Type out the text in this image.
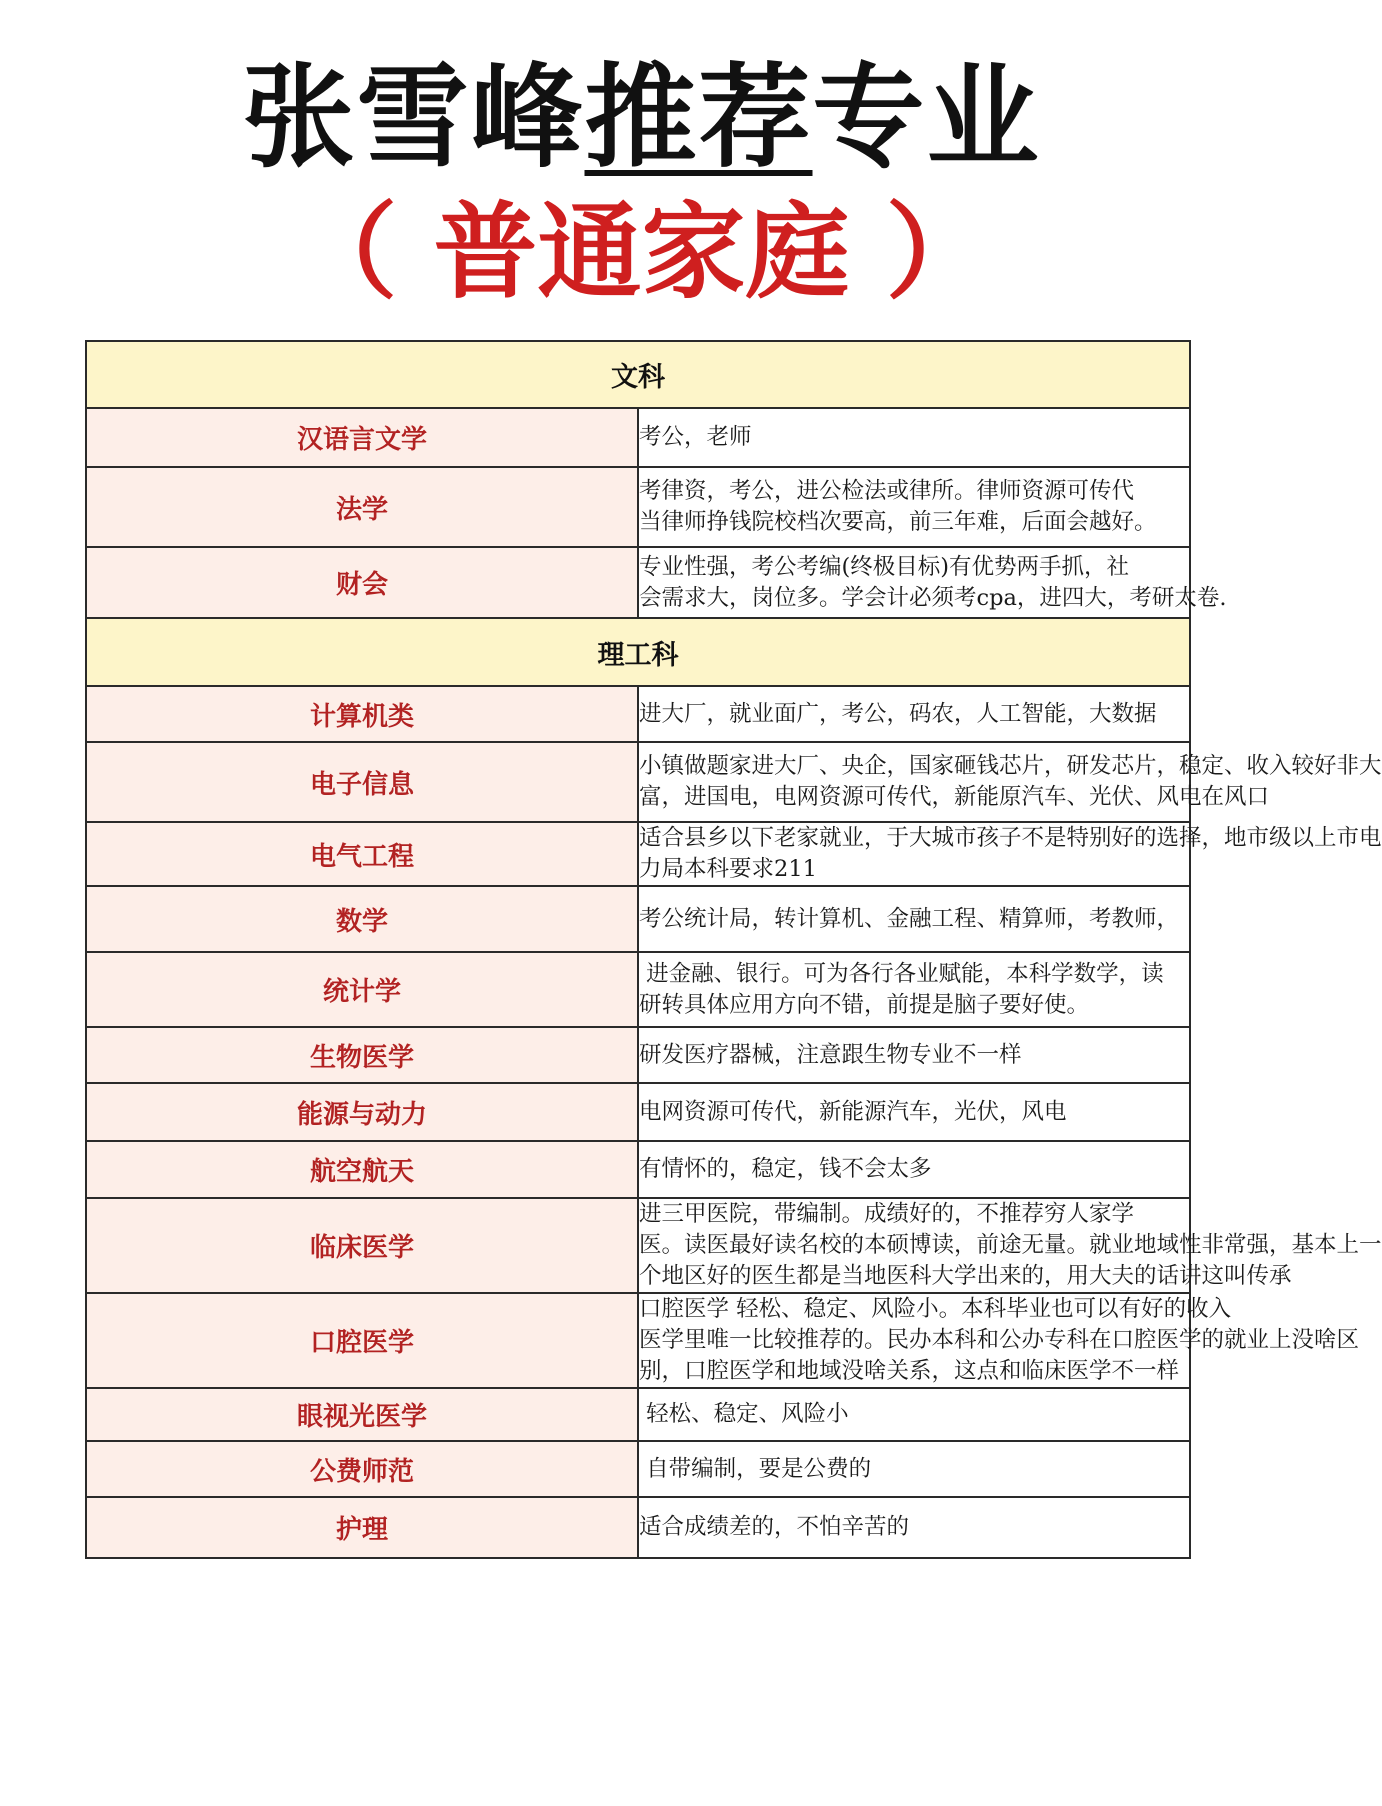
张雪峰推荐专业
（ 普通家庭 ）
文科	
汉语言文学	考公，老师

法学	考律资，考公，进公检法或律所。律师资源可传代
当律师挣钱院校档次要高，前三年难，后面会越好。

财会	专业性强，考公考编(终极目标)有优势两手抓，社
会需求大，岗位多。学会计必须考cpa，进四大，考研太卷.

理工科	
计算机类	进大厂，就业面广，考公，码农，人工智能，大数据

电子信息	小镇做题家进大厂、央企，国家砸钱芯片，研发芯片，稳定、收入较好非大
富，进国电，电网资源可传代，新能原汽车、光伏、风电在风口

电气工程	适合县乡以下老家就业，于大城市孩子不是特别好的选择，地市级以上市电
力局本科要求211

数学	考公统计局，转计算机、金融工程、精算师，考教师，

统计学	进金融、银行。可为各行各业赋能，本科学数学，读
研转具体应用方向不错，前提是脑子要好使。

生物医学	研发医疗器械，注意跟生物专业不一样

能源与动力	电网资源可传代，新能源汽车，光伏，风电

航空航天	有情怀的，稳定，钱不会太多

临床医学	进三甲医院，带编制。成绩好的，不推荐穷人家学
医。读医最好读名校的本硕博读，前途无量。就业地域性非常强，基本上一
个地区好的医生都是当地医科大学出来的，用大夫的话讲这叫传承

口腔医学	口腔医学 轻松、稳定、风险小。本科毕业也可以有好的收入
医学里唯一比较推荐的。民办本科和公办专科在口腔医学的就业上没啥区
别，口腔医学和地域没啥关系，这点和临床医学不一样

眼视光医学	轻松、稳定、风险小

公费师范	自带编制，要是公费的

护理	适合成绩差的，不怕辛苦的
